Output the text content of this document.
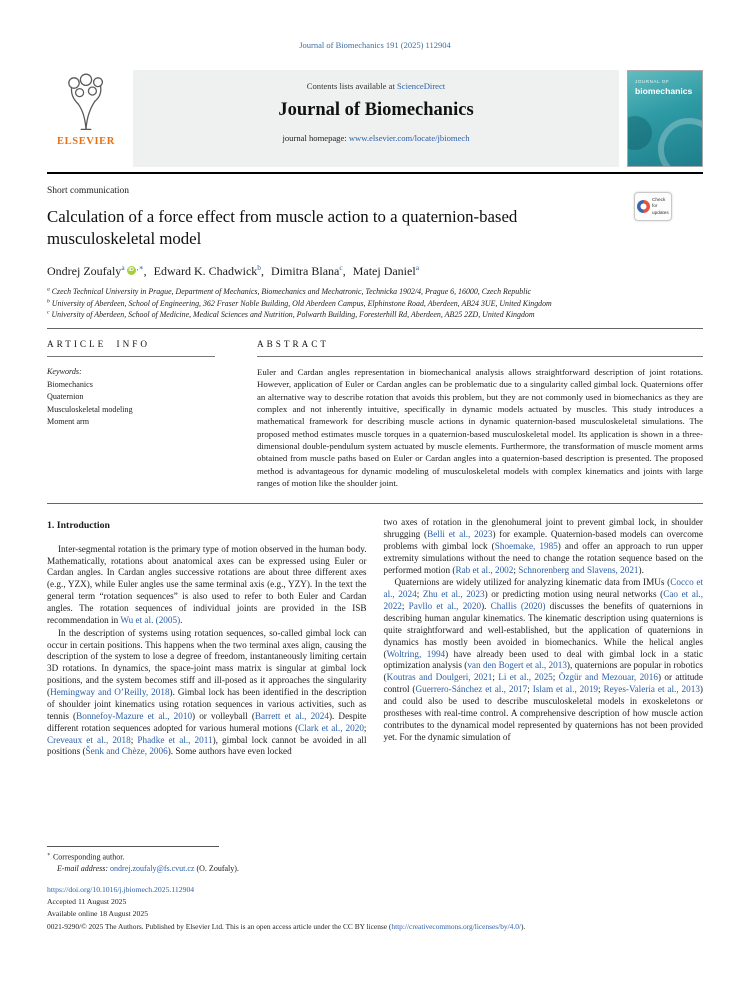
Journal of Biomechanics 191 (2025) 112904
ELSEVIER
Contents lists available at ScienceDirect
Journal of Biomechanics
journal homepage: www.elsevier.com/locate/jbiomech
JOURNAL OF
biomechanics
Short communication
Check for
updates
Calculation of a force effect from muscle action to a quaternion-based musculoskeletal model
Ondrej Zoufaly$^a$ iD ,∗, Edward K. Chadwick$^b$, Dimitra Blana$^c$, Matej Daniel$^a$
$^a$ Czech Technical University in Prague, Department of Mechanics, Biomechanics and Mechatronic, Technicka 1902/4, Prague 6, 16000, Czech Republic
$^b$ University of Aberdeen, School of Engineering, 362 Fraser Noble Building, Old Aberdeen Campus, Elphinstone Road, Aberdeen, AB24 3UE, United Kingdom
$^c$ University of Aberdeen, School of Medicine, Medical Sciences and Nutrition, Polwarth Building, Foresterhill Rd, Aberdeen, AB25 2ZD, United Kingdom
ARTICLE INFO
Keywords:
Biomechanics
Quaternion
Musculoskeletal modeling
Moment arm
ABSTRACT

Euler and Cardan angles representation in biomechanical analysis allows straightforward description of joint rotations. However, application of Euler or Cardan angles can be problematic due to a singularity called gimbal lock. Quaternions offer an alternative way to describe rotation that avoids this problem, but they are not commonly used in biomechanics as they are complex and not inherently intuitive, specifically in dynamic models actuated by muscles. This study introduces a mathematical framework for describing muscle actions in dynamic quaternion-based musculoskeletal simulations. The proposed method estimates muscle torques in a quaternion-based musculoskeletal model. Its application is shown in a three-dimensional double-pendulum system actuated by muscle elements. Furthermore, the transformation of muscle moment arms obtained from muscle paths based on Euler or Cardan angles into a quaternion-based description is presented. The proposed method is advantageous for dynamic modeling of musculoskeletal models with complex kinematics and joints with large ranges of motion like the shoulder joint.

1. Introduction

Inter-segmental rotation is the primary type of motion observed in the human body. Mathematically, rotations about anatomical axes can be expressed using Euler or Cardan angles. In Cardan angles successive rotations are about three different axes (e.g., YZX), while Euler angles use the same terminal axis (e.g., YZY). In the text the general term “rotation sequences” is also used to refer to both Euler and Cardan angles. The rotation sequences of individual joints are provided in the ISB recommendation in Wu et al. (2005).

In the description of systems using rotation sequences, so-called gimbal lock can occur in certain positions. This happens when the two terminal axes align, causing the description of the system to lose a degree of freedom, instantaneously limiting certain 3D rotations. In dynamics, the space-joint mass matrix is singular at gimbal lock positions, and the system becomes stiff and ill-posed as it approaches the singularity (Hemingway and O’Reilly, 2018). Gimbal lock has been identified in the description of shoulder joint kinematics using rotation sequences in various activities, such as tennis (Bonnefoy-Mazure et al., 2010) or volleyball (Barrett et al., 2024). Despite different rotation sequences adopted for various humeral motions (Clark et al., 2020; Creveaux et al., 2018; Phadke et al., 2011), gimbal lock cannot be avoided in all positions (Šenk and Chèze, 2006). Some authors have even locked

two axes of rotation in the glenohumeral joint to prevent gimbal lock, in shoulder shrugging (Belli et al., 2023) for example. Quaternion-based models can overcome problems with gimbal lock (Shoemake, 1985) and offer an approach to run upper extremity simulations without the need to change the rotation sequence based on the performed motion (Rab et al., 2002; Schnorenberg and Slavens, 2021).

Quaternions are widely utilized for analyzing kinematic data from IMUs (Cocco et al., 2024; Zhu et al., 2023) or predicting motion using neural networks (Cao et al., 2022; Pavllo et al., 2020). Challis (2020) discusses the benefits of quaternions in describing human angular kinematics. The kinematic description using quaternions is quite straightforward and well-established, but the application of quaternions in dynamics has mostly been avoided in biomechanics. While the helical angles (Woltring, 1994) have already been used to deal with gimbal lock in a static optimization analysis (van den Bogert et al., 2013), quaternions are popular in robotics (Koutras and Doulgeri, 2021; Li et al., 2025; Özgür and Mezouar, 2016) or attitude control (Guerrero-Sánchez et al., 2017; Islam et al., 2019; Reyes-Valeria et al., 2013) and could also be used to describe musculoskeletal models in exoskeletons or prostheses with real-time control. A comprehensive description of how muscle action contributes to the dynamical model represented by quaternions has not been provided yet. For the dynamic simulation of

∗ Corresponding author.
E-mail address: ondrej.zoufaly@fs.cvut.cz (O. Zoufaly).
https://doi.org/10.1016/j.jbiomech.2025.112904
Accepted 11 August 2025
Available online 18 August 2025
0021-9290/© 2025 The Authors. Published by Elsevier Ltd. This is an open access article under the CC BY license (http://creativecommons.org/licenses/by/4.0/).
